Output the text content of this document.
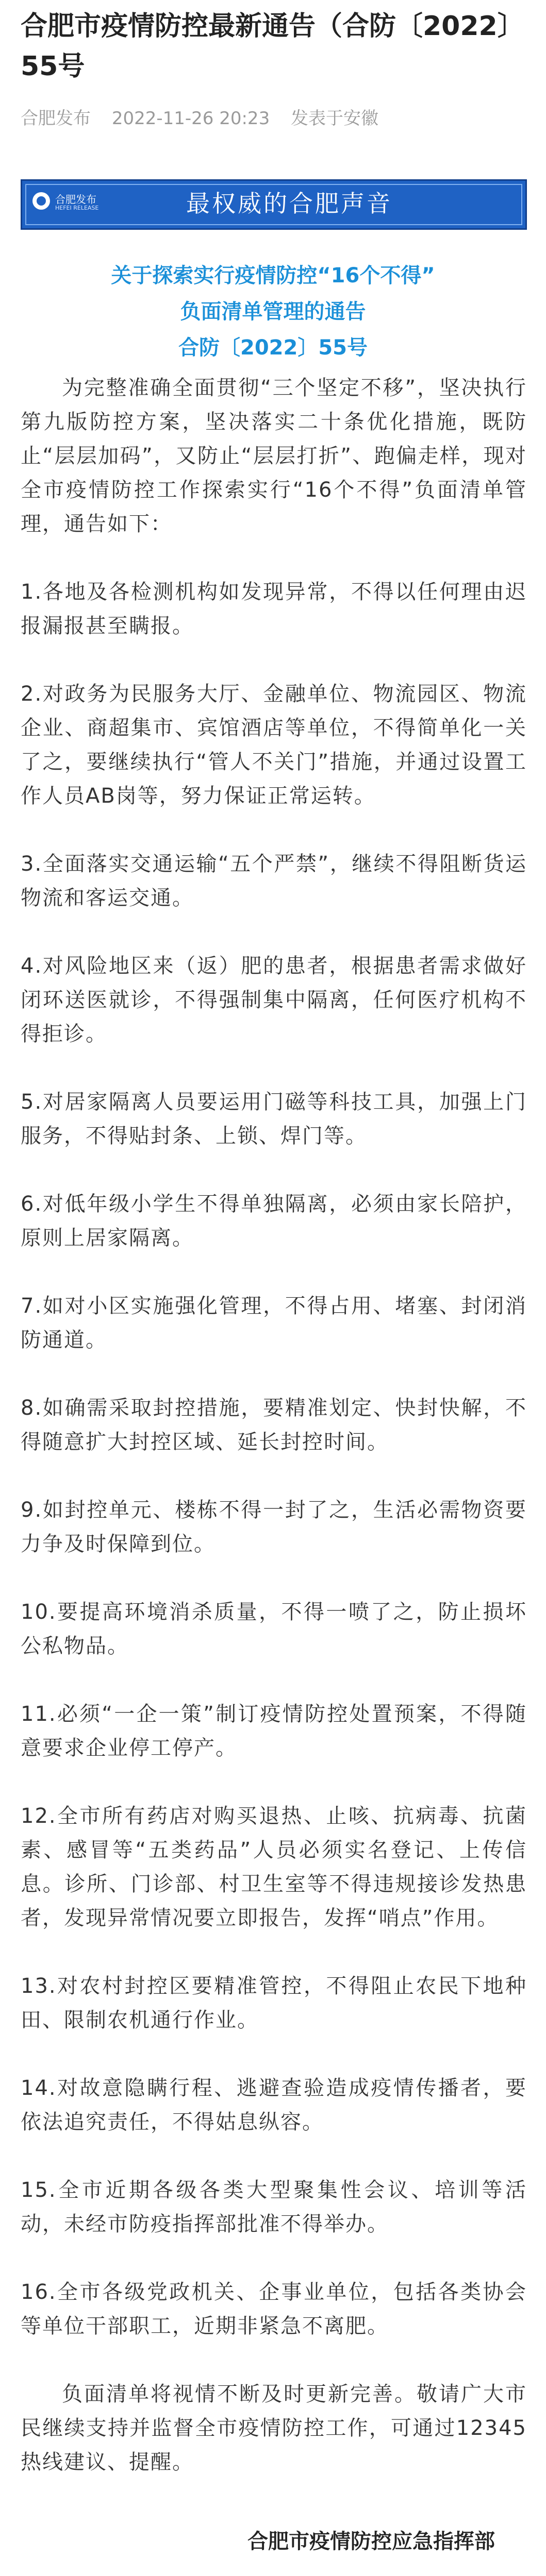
合肥市疫情防控最新通告（合防〔2022〕55号
合肥发布 2022-11-26 20:23 发表于安徽
合肥发布
HEFEI RELEASE	最权威的合肥声音
关于探索实行疫情防控“16个不得”
负面清单管理的通告
合防〔2022〕55号

为完整准确全面贯彻“三个坚定不移”，坚决执行第九版防控方案，坚决落实二十条优化措施，既防止“层层加码”，又防止“层层打折”、跑偏走样，现对全市疫情防控工作探索实行“16个不得”负面清单管理，通告如下：

1.各地及各检测机构如发现异常，不得以任何理由迟报漏报甚至瞒报。

2.对政务为民服务大厅、金融单位、物流园区、物流企业、商超集市、宾馆酒店等单位，不得简单化一关了之，要继续执行“管人不关门”措施，并通过设置工作人员AB岗等，努力保证正常运转。

3.全面落实交通运输“五个严禁”，继续不得阻断货运物流和客运交通。

4.对风险地区来（返）肥的患者，根据患者需求做好闭环送医就诊，不得强制集中隔离，任何医疗机构不得拒诊。

5.对居家隔离人员要运用门磁等科技工具，加强上门服务，不得贴封条、上锁、焊门等。

6.对低年级小学生不得单独隔离，必须由家长陪护，原则上居家隔离。

7.如对小区实施强化管理，不得占用、堵塞、封闭消防通道。

8.如确需采取封控措施，要精准划定、快封快解，不得随意扩大封控区域、延长封控时间。

9.如封控单元、楼栋不得一封了之，生活必需物资要力争及时保障到位。

10.要提高环境消杀质量，不得一喷了之，防止损坏公私物品。

11.必须“一企一策”制订疫情防控处置预案，不得随意要求企业停工停产。

12.全市所有药店对购买退热、止咳、抗病毒、抗菌素、感冒等“五类药品”人员必须实名登记、上传信息。诊所、门诊部、村卫生室等不得违规接诊发热患者，发现异常情况要立即报告，发挥“哨点”作用。

13.对农村封控区要精准管控，不得阻止农民下地种田、限制农机通行作业。

14.对故意隐瞒行程、逃避查验造成疫情传播者，要依法追究责任，不得姑息纵容。

合肥市疫情防控应急指挥部

15.全市近期各级各类大型聚集性会议、培训等活动，未经市防疫指挥部批准不得举办。

16.全市各级党政机关、企事业单位，包括各类协会等单位干部职工，近期非紧急不离肥。

负面清单将视情不断及时更新完善。敬请广大市民继续支持并监督全市疫情防控工作，可通过12345热线建议、提醒。
